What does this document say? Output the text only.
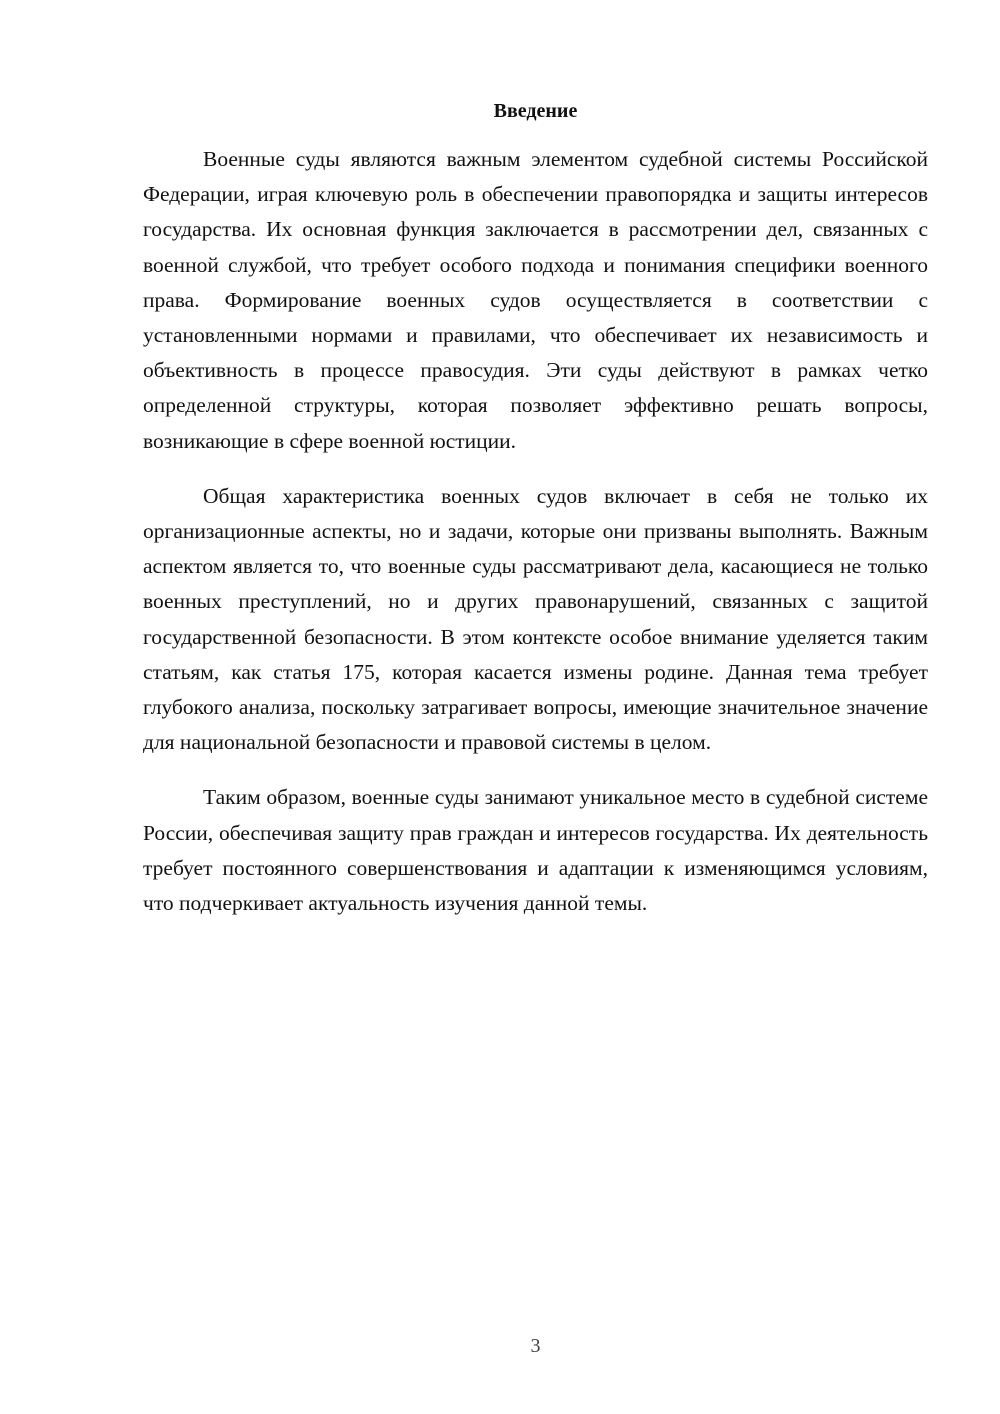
Введение

Военные суды являются важным элементом судебной системы Российской Федерации, играя ключевую роль в обеспечении правопорядка и защиты интересов государства. Их основная функция заключается в рассмотрении дел, связанных с военной службой, что требует особого подхода и понимания специфики военного права. Формирование военных судов осуществляется в соответствии с установленными нормами и правилами, что обеспечивает их независимость и объективность в процессе правосудия. Эти суды действуют в рамках четко определенной структуры, которая позволяет эффективно решать вопросы, возникающие в сфере военной юстиции.

Общая характеристика военных судов включает в себя не только их организационные аспекты, но и задачи, которые они призваны выполнять. Важным аспектом является то, что военные суды рассматривают дела, касающиеся не только военных преступлений, но и других правонарушений, связанных с защитой государственной безопасности. В этом контексте особое внимание уделяется таким статьям, как статья 175, которая касается измены родине. Данная тема требует глубокого анализа, поскольку затрагивает вопросы, имеющие значительное значение для национальной безопасности и правовой системы в целом.

Таким образом, военные суды занимают уникальное место в судебной системе России, обеспечивая защиту прав граждан и интересов государства. Их деятельность требует постоянного совершенствования и адаптации к изменяющимся условиям, что подчеркивает актуальность изучения данной темы.

3
